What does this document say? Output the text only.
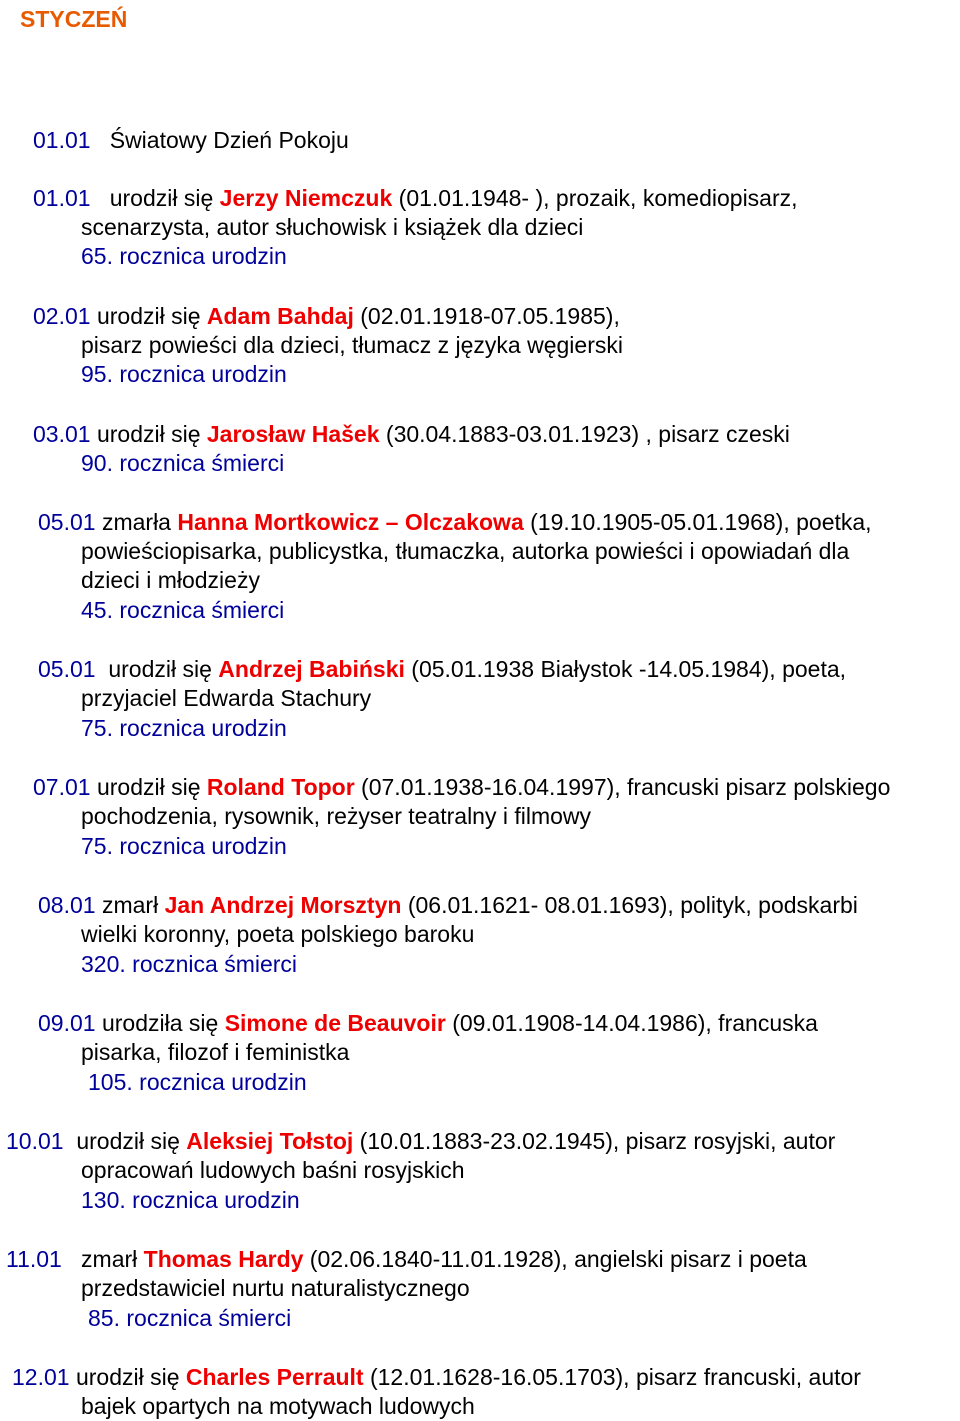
STYCZEŃ
01.01 Światowy Dzień Pokoju
01.01 urodził się Jerzy Niemczuk (01.01.1948- ), prozaik, komediopisarz,
scenarzysta, autor słuchowisk i książek dla dzieci
65. rocznica urodzin
02.01 urodził się Adam Bahdaj (02.01.1918-07.05.1985),
pisarz powieści dla dzieci, tłumacz z języka węgierski
95. rocznica urodzin
03.01 urodził się Jarosław Hašek (30.04.1883-03.01.1923) , pisarz czeski
90. rocznica śmierci
05.01 zmarła Hanna Mortkowicz – Olczakowa (19.10.1905-05.01.1968), poetka,
powieściopisarka, publicystka, tłumaczka, autorka powieści i opowiadań dla
dzieci i młodzieży
45. rocznica śmierci
05.01 urodził się Andrzej Babiński (05.01.1938 Białystok -14.05.1984), poeta,
przyjaciel Edwarda Stachury
75. rocznica urodzin
07.01 urodził się Roland Topor (07.01.1938-16.04.1997), francuski pisarz polskiego
pochodzenia, rysownik, reżyser teatralny i filmowy
75. rocznica urodzin
08.01 zmarł Jan Andrzej Morsztyn (06.01.1621- 08.01.1693), polityk, podskarbi
wielki koronny, poeta polskiego baroku
320. rocznica śmierci
09.01 urodziła się Simone de Beauvoir (09.01.1908-14.04.1986), francuska
pisarka, filozof i feministka
105. rocznica urodzin
10.01 urodził się Aleksiej Tołstoj (10.01.1883-23.02.1945), pisarz rosyjski, autor
opracowań ludowych baśni rosyjskich
130. rocznica urodzin
11.01 zmarł Thomas Hardy (02.06.1840-11.01.1928), angielski pisarz i poeta
przedstawiciel nurtu naturalistycznego
85. rocznica śmierci
12.01 urodził się Charles Perrault (12.01.1628-16.05.1703), pisarz francuski, autor
bajek opartych na motywach ludowych
